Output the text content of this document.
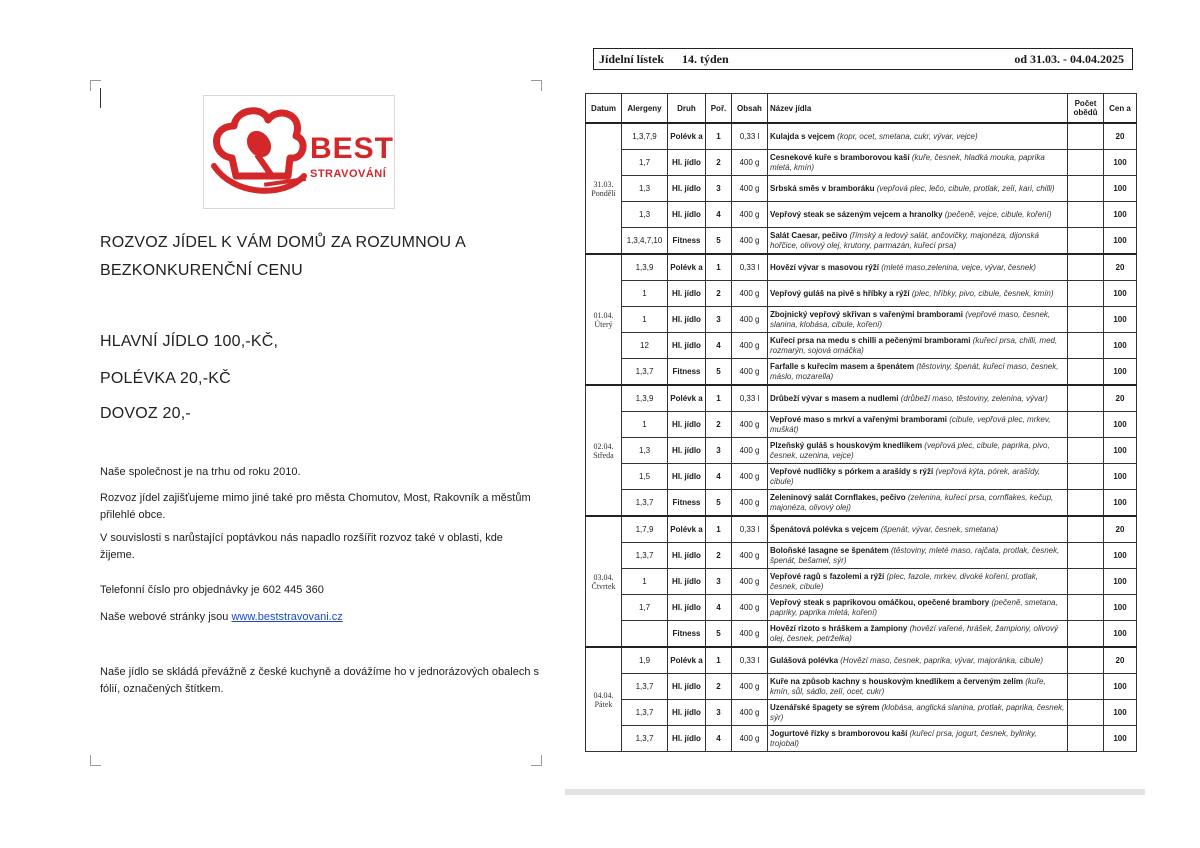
BEST
STRAVOVÁNÍ
ROZVOZ JÍDEL K VÁM DOMŮ ZA ROZUMNOU A
BEZKONKURENČNÍ CENU
HLAVNÍ JÍDLO 100,-KČ,
POLÉVKA 20,-KČ
DOVOZ 20,-
Naše společnost je na trhu od roku 2010.
Rozvoz jídel zajišťujeme mimo jiné také pro města Chomutov, Most, Rakovník a městům přilehlé obce.
V souvislosti s narůstající poptávkou nás napadlo rozšířit rozvoz také v oblasti, kde žijeme.
Telefonní číslo pro objednávky je 602 445 360
Naše webové stránky jsou www.beststravovani.cz
Naše jídlo se skládá převážně z české kuchyně a dovážíme ho v jednorázových obalech s fólií, označených štítkem.
Jídelní lístek 14. týden	od 31.03. - 04.04.2025
Datum	Alergeny	Druh	Poř.	Obsah	Název jídla	Počet obědů	Cen a
31.03.
Pondělí	1,3,7,9	Polévk a	1	0,33 l	Kulajda s vejcem (kopr, ocet, smetana, cukr, vývar, vejce)		20
	1,7	Hl. jídlo	2	400 g	Cesnekové kuře s bramborovou kaší (kuře, česnek, hladká mouka, paprika mletá, kmín)		100
	1,3	Hl. jídlo	3	400 g	Srbská směs v bramboráku (vepřová plec, lečo, cibule, protlak, zelí, kari, chilli)		100
	1,3	Hl. jídlo	4	400 g	Vepřový steak se sázeným vejcem a hranolky (pečeně, vejce, cibule, koření)		100
	1,3,4,7,10	Fitness	5	400 g	Salát Caesar, pečivo (římský a ledový salát, ančovičky, majonéza, dijonská hořčice, olivový olej, krutony, parmazán, kuřecí prsa)		100
01.04.
Úterý	1,3,9	Polévk a	1	0,33 l	Hovězí vývar s masovou rýží (mleté maso,zelenina, vejce, vývar, česnek)		20
	1	Hl. jídlo	2	400 g	Vepřový guláš na pivě s hříbky a rýží (plec, hříbky, pivo, cibule, česnek, kmín)		100
	1	Hl. jídlo	3	400 g	Zbojnický vepřový skřivan s vařenými bramborami (vepřové maso, česnek, slanina, klobása, cibule, koření)		100
	12	Hl. jídlo	4	400 g	Kuřecí prsa na medu s chilli a pečenými bramborami (kuřecí prsa, chilli, med, rozmarýn, sojová omáčka)		100
	1,3,7	Fitness	5	400 g	Farfalle s kuřecím masem a špenátem (těstoviny, špenát, kuřecí maso, česnek, máslo, mozarella)		100
02.04.
Středa	1,3,9	Polévk a	1	0,33 l	Drůbeží vývar s masem a nudlemi (drůbeží maso, těstoviny, zelenina, vývar)		20
	1	Hl. jídlo	2	400 g	Vepřové maso s mrkví a vařenými bramborami (cibule, vepřová plec, mrkev, muškát)		100
	1,3	Hl. jídlo	3	400 g	Plzeňský guláš s houskovým knedlíkem (vepřová plec, cibule, paprika, pivo, česnek, uzenina, vejce)		100
	1,5	Hl. jídlo	4	400 g	Vepřové nudličky s pórkem a arašídy s rýží (vepřová kýta, pórek, arašídy, cibule)		100
	1,3,7	Fitness	5	400 g	Zeleninový salát Cornflakes, pečivo (zelenina, kuřecí prsa, cornflakes, kečup, majonéza, olivový olej)		100
03.04.
Čtvrtek	1,7,9	Polévk a	1	0,33 l	Špenátová polévka s vejcem (špenát, vývar, česnek, smetana)		20
	1,3,7	Hl. jídlo	2	400 g	Boloňské lasagne se špenátem (těstoviny, mleté maso, rajčata, protlak, česnek, špenát, bešamel, sýr)		100
	1	Hl. jídlo	3	400 g	Vepřové ragů s fazolemi a rýží (plec, fazole, mrkev, divoké koření, protlak, česnek, cibule)		100
	1,7	Hl. jídlo	4	400 g	Vepřový steak s paprikovou omáčkou, opečené brambory (pečeně, smetana, papriky, paprika mletá, koření)		100
		Fitness	5	400 g	Hovězí rizoto s hráškem a žampiony (hovězí vařené, hrášek, žampiony, olivový olej, česnek, petrželka)		100
04.04.
Pátek	1,9	Polévk a	1	0,33 l	Gulášová polévka (Hovězí maso, česnek, paprika, vývar, majoránka, cibule)		20
	1,3,7	Hl. jídlo	2	400 g	Kuře na způsob kachny s houskovým knedlíkem a červeným zelím (kuře, kmín, sůl, sádlo, zelí, ocet, cukr)		100
	1,3,7	Hl. jídlo	3	400 g	Uzenářské špagety se sýrem (klobása, anglická slanina, protlak, paprika, česnek, sýr)		100
	1,3,7	Hl. jídlo	4	400 g	Jogurtové řízky s bramborovou kaší (kuřecí prsa, jogurt, česnek, bylinky, trojobal)		100
